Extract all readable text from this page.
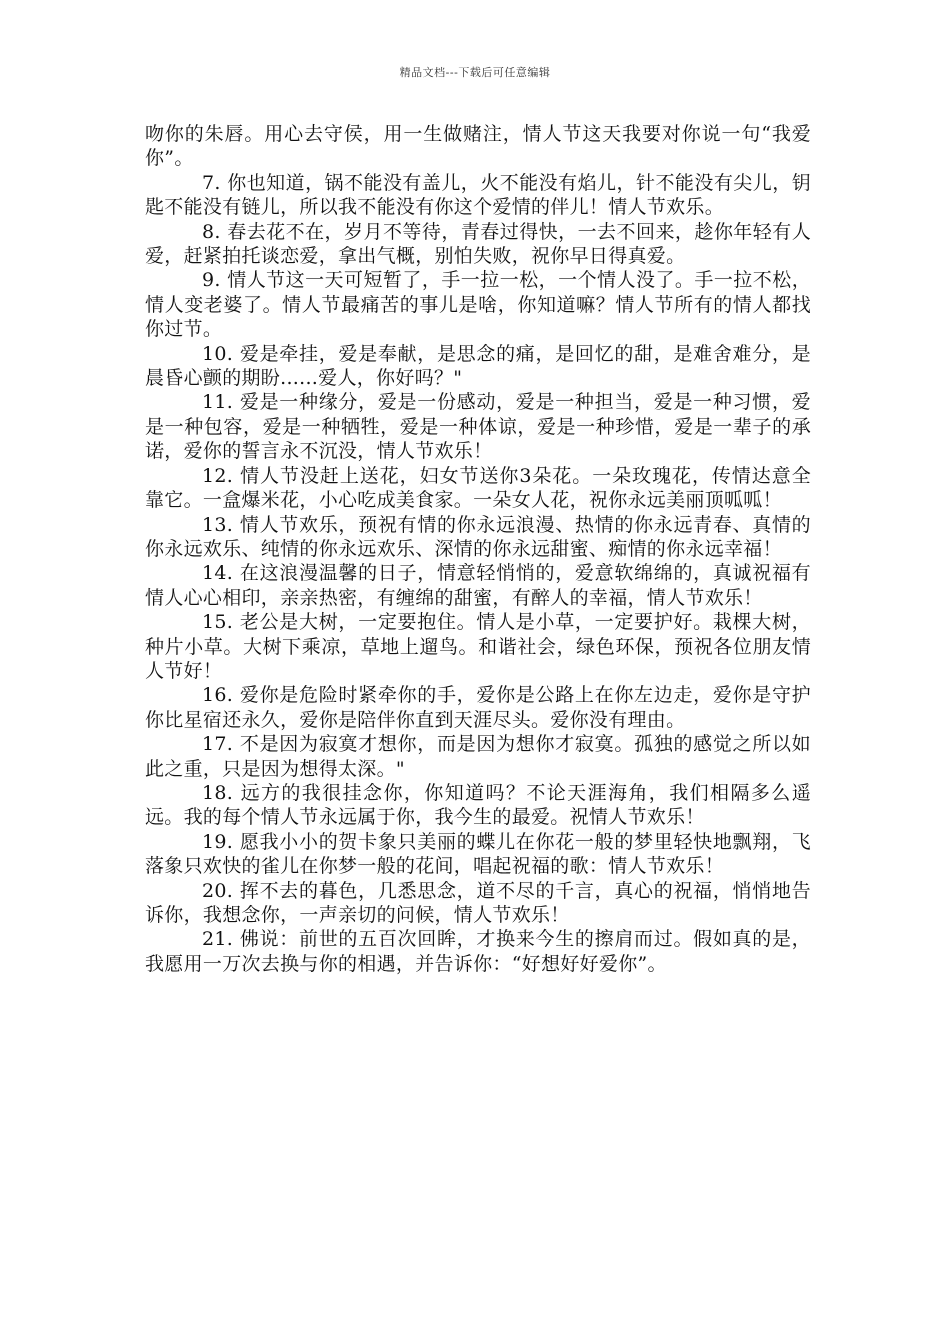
精品文档---下载后可任意编辑

吻你的朱唇。用心去守侯，用一生做赌注，情人节这天我要对你说一句“我爱你”。

7. 你也知道，锅不能没有盖儿，火不能没有焰儿，针不能没有尖儿，钥匙不能没有链儿，所以我不能没有你这个爱情的伴儿！情人节欢乐。

8. 春去花不在，岁月不等待，青春过得快，一去不回来，趁你年轻有人爱，赶紧拍托谈恋爱，拿出气概，别怕失败，祝你早日得真爱。

9. 情人节这一天可短暂了，手一拉一松，一个情人没了。手一拉不松，情人变老婆了。情人节最痛苦的事儿是啥，你知道嘛？情人节所有的情人都找你过节。

10. 爱是牵挂，爱是奉献，是思念的痛，是回忆的甜，是难舍难分，是晨昏心颤的期盼......爱人，你好吗？"

11. 爱是一种缘分，爱是一份感动，爱是一种担当，爱是一种习惯，爱是一种包容，爱是一种牺牲，爱是一种体谅，爱是一种珍惜，爱是一辈子的承诺，爱你的誓言永不沉没，情人节欢乐！

12. 情人节没赶上送花，妇女节送你3朵花。一朵玫瑰花，传情达意全靠它。一盒爆米花，小心吃成美食家。一朵女人花，祝你永远美丽顶呱呱！

13. 情人节欢乐，预祝有情的你永远浪漫、热情的你永远青春、真情的你永远欢乐、纯情的你永远欢乐、深情的你永远甜蜜、痴情的你永远幸福！

14. 在这浪漫温馨的日子，情意轻悄悄的，爱意软绵绵的，真诚祝福有情人心心相印，亲亲热密，有缠绵的甜蜜，有醉人的幸福，情人节欢乐！

15. 老公是大树，一定要抱住。情人是小草，一定要护好。栽棵大树，种片小草。大树下乘凉，草地上遛鸟。和谐社会，绿色环保，预祝各位朋友情人节好！

16. 爱你是危险时紧牵你的手，爱你是公路上在你左边走，爱你是守护你比星宿还永久，爱你是陪伴你直到天涯尽头。爱你没有理由。

17. 不是因为寂寞才想你，而是因为想你才寂寞。孤独的感觉之所以如此之重，只是因为想得太深。"

18. 远方的我很挂念你，你知道吗？不论天涯海角，我们相隔多么遥远。我的每个情人节永远属于你，我今生的最爱。祝情人节欢乐！

19. 愿我小小的贺卡象只美丽的蝶儿在你花一般的梦里轻快地飘翔，飞落象只欢快的雀儿在你梦一般的花间，唱起祝福的歌：情人节欢乐！

20. 挥不去的暮色，几悉思念，道不尽的千言，真心的祝福，悄悄地告诉你，我想念你，一声亲切的问候，情人节欢乐！

21. 佛说：前世的五百次回眸，才换来今生的擦肩而过。假如真的是，我愿用一万次去换与你的相遇，并告诉你：“好想好好爱你”。
